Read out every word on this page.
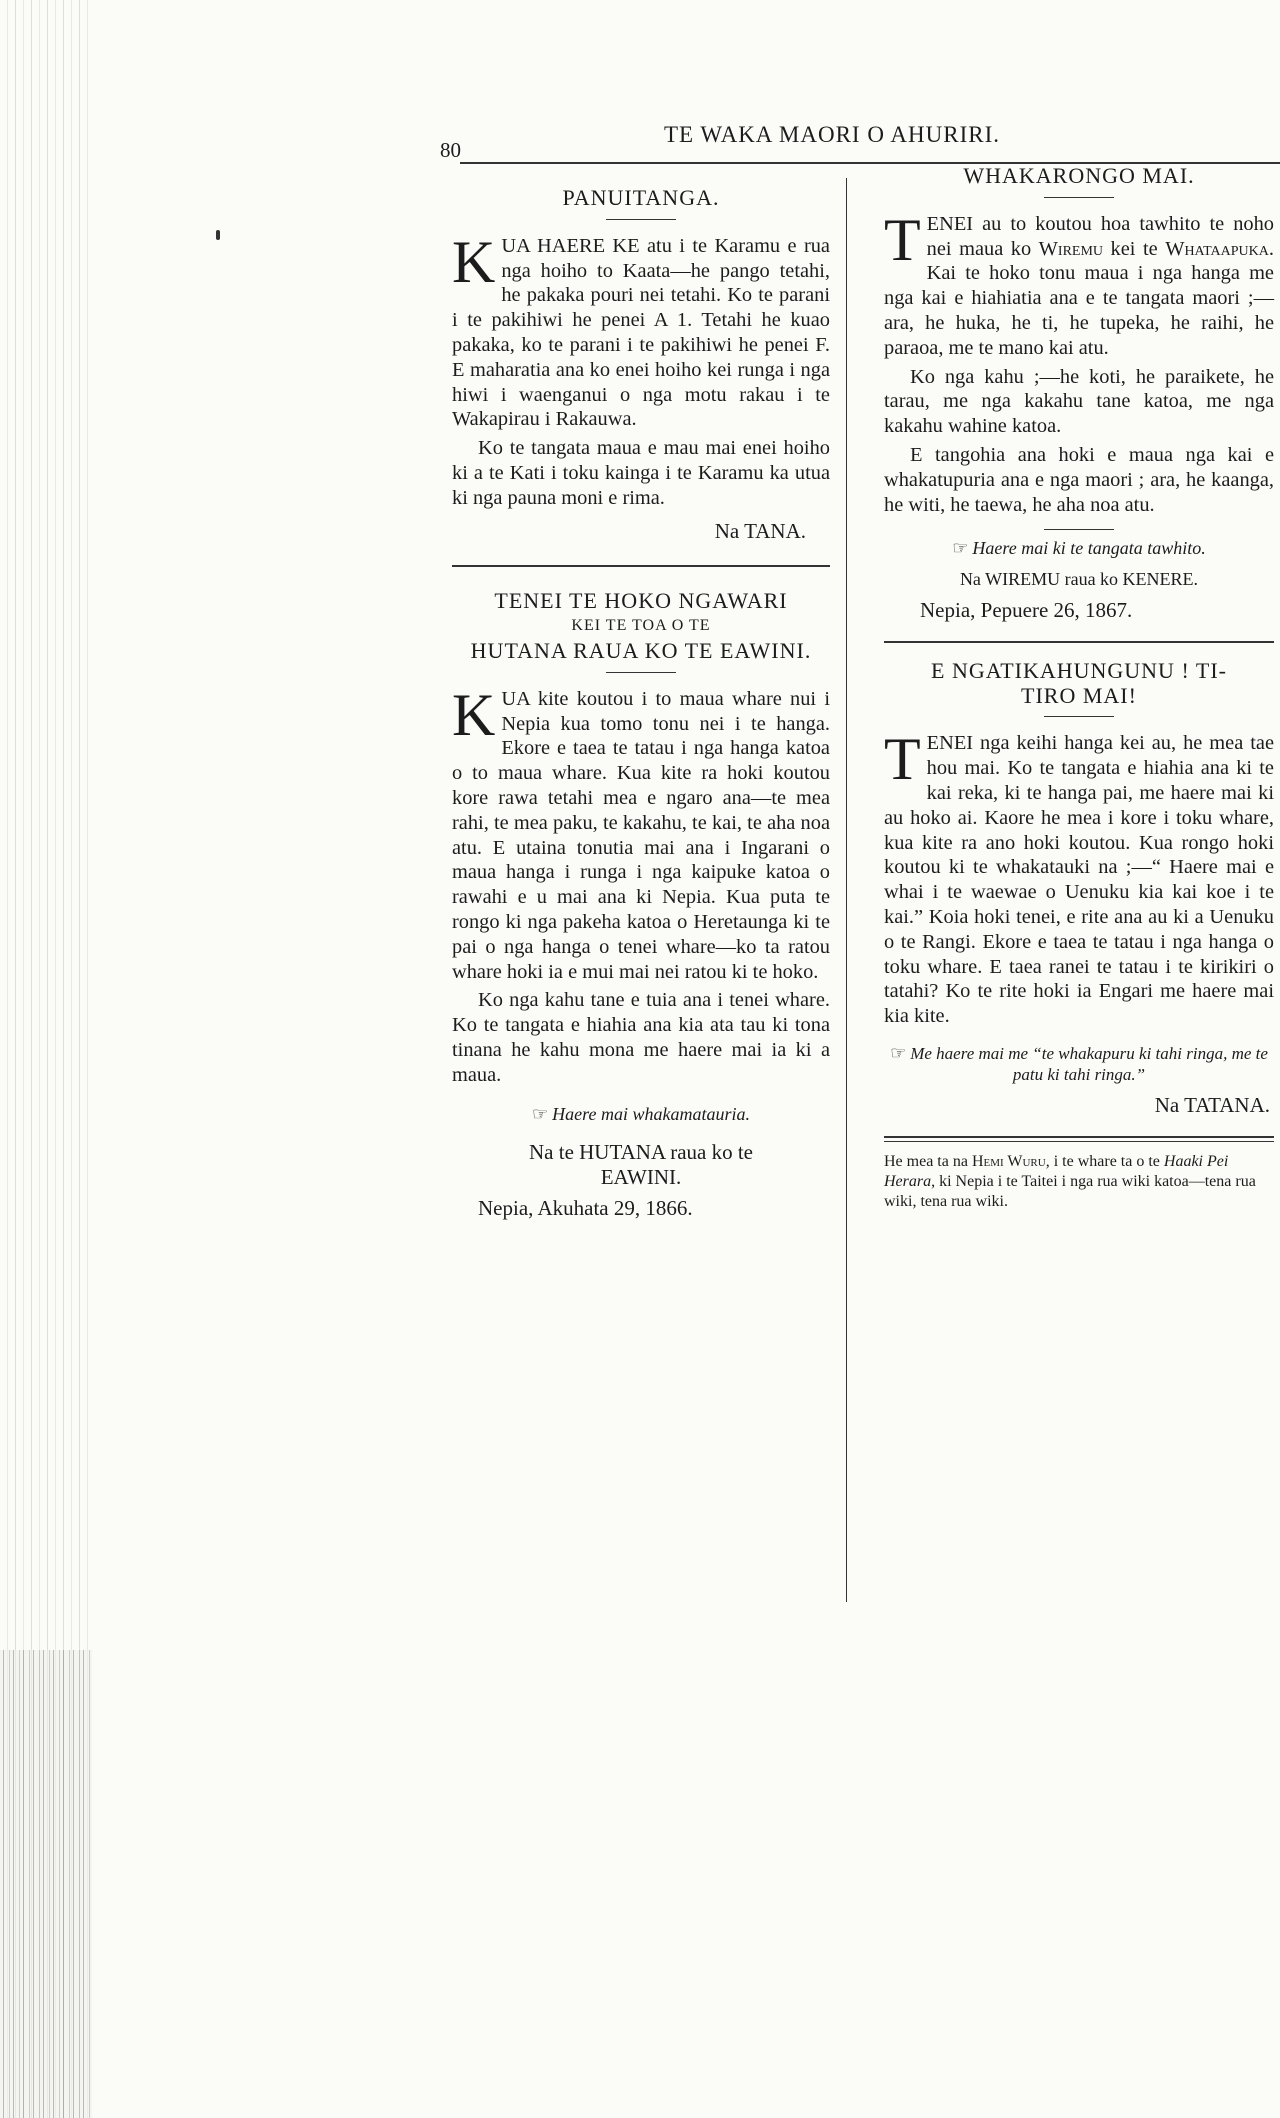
80
TE WAKA MAORI O AHURIRI.
PANUITANGA.

KUA HAERE KE atu i te Karamu e rua nga hoiho to Kaata—he pango tetahi, he pakaka pouri nei tetahi. Ko te parani i te pakihiwi he penei A 1. Tetahi he kuao pakaka, ko te parani i te pakihiwi he penei F. E maharatia ana ko enei hoiho kei runga i nga hiwi i waenganui o nga motu rakau i te Wakapirau i Rakauwa.

Ko te tangata maua e mau mai enei hoiho ki a te Kati i toku kainga i te Karamu ka utua ki nga pauna moni e rima.

Na TANA.
TENEI TE HOKO NGAWARI
KEI TE TOA O TE
HUTANA RAUA KO TE EAWINI.

KUA kite koutou i to maua whare nui i Nepia kua tomo tonu nei i te hanga. Ekore e taea te tatau i nga hanga katoa o to maua whare. Kua kite ra hoki koutou kore rawa tetahi mea e ngaro ana—te mea rahi, te mea paku, te kakahu, te kai, te aha noa atu. E utaina tonutia mai ana i Ingarani o maua hanga i runga i nga kaipuke katoa o rawahi e u mai ana ki Nepia. Kua puta te rongo ki nga pakeha katoa o Heretaunga ki te pai o nga hanga o tenei whare—ko ta ratou whare hoki ia e mui mai nei ratou ki te hoko.

Ko nga kahu tane e tuia ana i tenei whare. Ko te tangata e hiahia ana kia ata tau ki tona tinana he kahu mona me haere mai ia ki a maua.

☞ Haere mai whakamatauria.
Na te HUTANA raua ko te
EAWINI.
Nepia, Akuhata 29, 1866.
WHAKARONGO MAI.

TENEI au to koutou hoa tawhito te noho nei maua ko Wiremu kei te Whataapuka. Kai te hoko tonu maua i nga hanga me nga kai e hiahiatia ana e te tangata maori ;—ara, he huka, he ti, he tupeka, he raihi, he paraoa, me te mano kai atu.

Ko nga kahu ;—he koti, he paraikete, he tarau, me nga kakahu tane katoa, me nga kakahu wahine katoa.

E tangohia ana hoki e maua nga kai e whakatupuria ana e nga maori ; ara, he kaanga, he witi, he taewa, he aha noa atu.

☞ Haere mai ki te tangata tawhito.
Na WIREMU raua ko KENERE.
Nepia, Pepuere 26, 1867.
E NGATIKAHUNGUNU ! TI-
TIRO MAI!

TENEI nga keihi hanga kei au, he mea tae hou mai. Ko te tangata e hiahia ana ki te kai reka, ki te hanga pai, me haere mai ki au hoko ai. Kaore he mea i kore i toku whare, kua kite ra ano hoki koutou. Kua rongo hoki koutou ki te whakatauki na ;—“ Haere mai e whai i te waewae o Uenuku kia kai koe i te kai.” Koia hoki tenei, e rite ana au ki a Uenuku o te Rangi. Ekore e taea te tatau i nga hanga o toku whare. E taea ranei te tatau i te kirikiri o tatahi? Ko te rite hoki ia Engari me haere mai kia kite.

☞ Me haere mai me “te whakapuru ki tahi ringa, me te patu ki tahi ringa.”
Na TATANA.
He mea ta na Hemi Wuru, i te whare ta o te Haaki Pei Herara, ki Nepia i te Taitei i nga rua wiki katoa—tena rua wiki, tena rua wiki.
